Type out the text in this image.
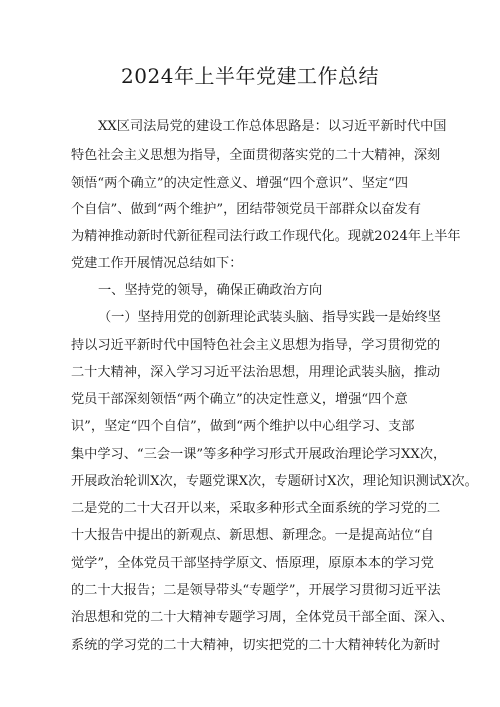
2024年上半年党建工作总结
XX区司法局党的建设工作总体思路是：以习近平新时代中国
特色社会主义思想为指导，全面贯彻落实党的二十大精神，深刻
领悟“两个确立”的决定性意义、增强“四个意识”、坚定“四
个自信”、做到“两个维护”，团结带领党员干部群众以奋发有
为精神推动新时代新征程司法行政工作现代化。现就2024年上半年
党建工作开展情况总结如下：
一、坚持党的领导，确保正确政治方向
（一）坚持用党的创新理论武装头脑、指导实践一是始终坚
持以习近平新时代中国特色社会主义思想为指导，学习贯彻党的
二十大精神，深入学习习近平法治思想，用理论武装头脑，推动
党员干部深刻领悟“两个确立”的决定性意义，增强“四个意
识”，坚定“四个自信”，做到“两个维护以中心组学习、支部
集中学习、“三会一课”等多种学习形式开展政治理论学习XX次，
开展政治轮训X次，专题党课X次，专题研讨X次，理论知识测试X次。
二是党的二十大召开以来，采取多种形式全面系统的学习党的二
十大报告中提出的新观点、新思想、新理念。一是提高站位“自
觉学”，全体党员干部坚持学原文、悟原理，原原本本的学习党
的二十大报告；二是领导带头“专题学”，开展学习贯彻习近平法
治思想和党的二十大精神专题学习周，全体党员干部全面、深入、
系统的学习党的二十大精神，切实把党的二十大精神转化为新时
